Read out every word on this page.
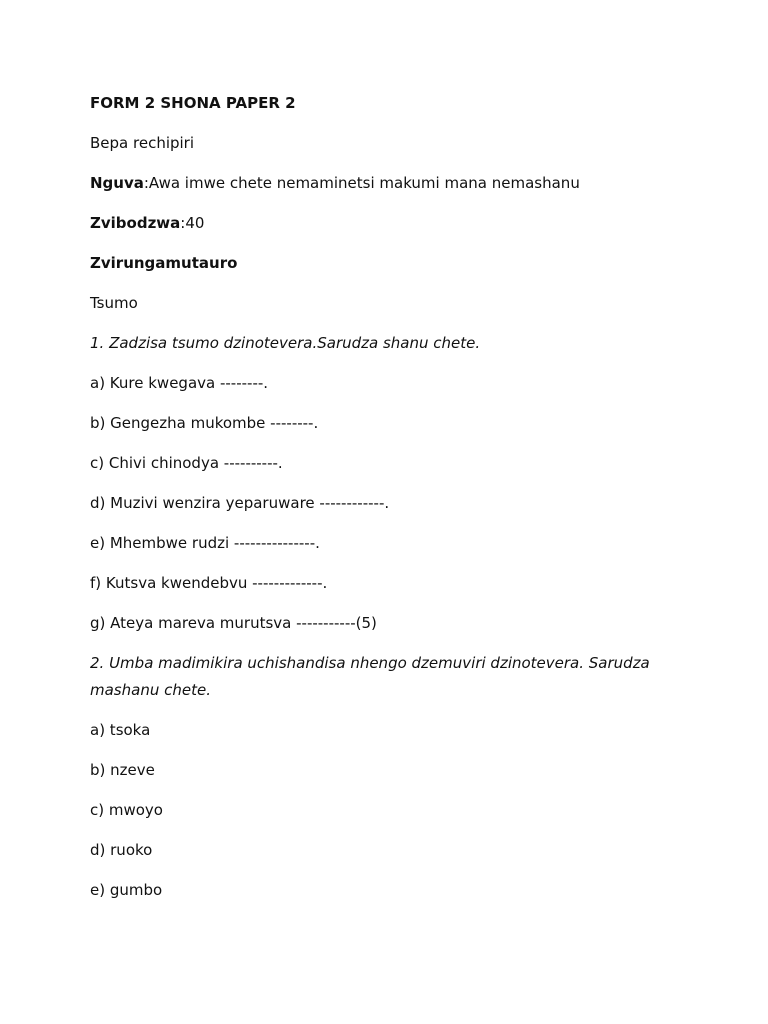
FORM 2 SHONA PAPER 2

Bepa rechipiri

Nguva:Awa imwe chete nemaminetsi makumi mana nemashanu

Zvibodzwa:40

Zvirungamutauro

Tsumo

1. Zadzisa tsumo dzinotevera.Sarudza shanu chete.

a) Kure kwegava --------.

b) Gengezha mukombe --------.

c) Chivi chinodya ----------.

d) Muzivi wenzira yeparuware ------------.

e) Mhembwe rudzi ---------------.

f) Kutsva kwendebvu -------------.

g) Ateya mareva murutsva -----------(5)

2. Umba madimikira uchishandisa nhengo dzemuviri dzinotevera. Sarudza mashanu chete.

a) tsoka

b) nzeve

c) mwoyo

d) ruoko

e) gumbo
